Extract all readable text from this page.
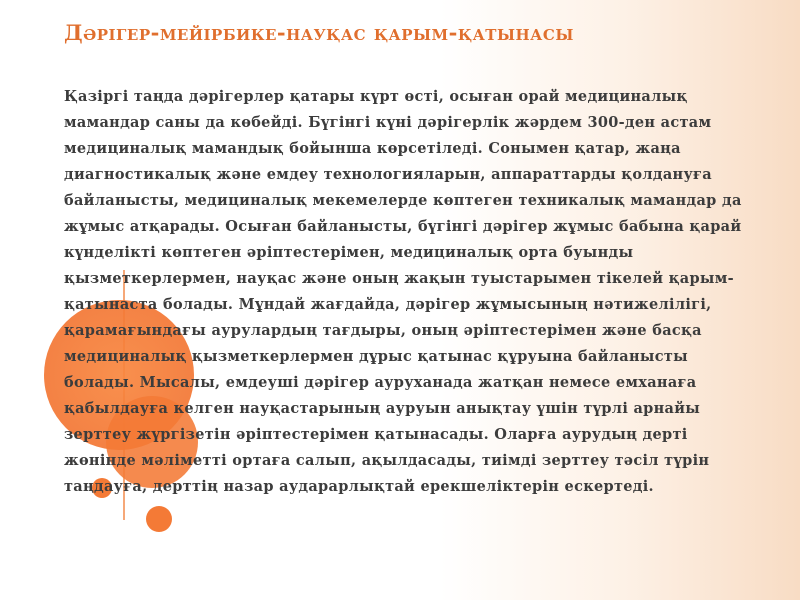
Дәрігер-мейірбике-науқас қарым-қатынасы

Қазіргі таңда дәрігерлер қатары күрт өсті, осыған орай медициналық
мамандар саны да көбейді. Бүгінгі күні дәрігерлік жәрдем 300-ден астам
медициналық мамандық бойынша көрсетіледі. Сонымен қатар, жаңа
диагностикалық және емдеу технологияларын, аппараттарды қолдануға
байланысты, медициналық мекемелерде көптеген техникалық мамандар да
жұмыс атқарады. Осыған байланысты, бүгінгі дәрігер жұмыс бабына қарай
күнделікті көптеген әріптестерімен, медициналық орта буынды
қызметкерлермен, науқас және оның жақын туыстарымен тікелей қарым-
қатынаста болады. Мұндай жағдайда, дәрігер жұмысының нәтижелілігі,
қарамағындағы аурулардың тағдыры, оның әріптестерімен және басқа
медициналық қызметкерлермен дұрыс қатынас құруына байланысты
болады. Мысалы, емдеуші дәрігер ауруханада жатқан немесе емханаға
қабылдауға келген науқастарының ауруын анықтау үшін түрлі арнайы
зерттеу жүргізетін әріптестерімен қатынасады. Оларға аурудың дерті
жөнінде мәліметті ортаға салып, ақылдасады, тиімді зерттеу тәсіл түрін
таңдауға, дерттің назар аударарлықтай ерекшеліктерін ескертеді.
